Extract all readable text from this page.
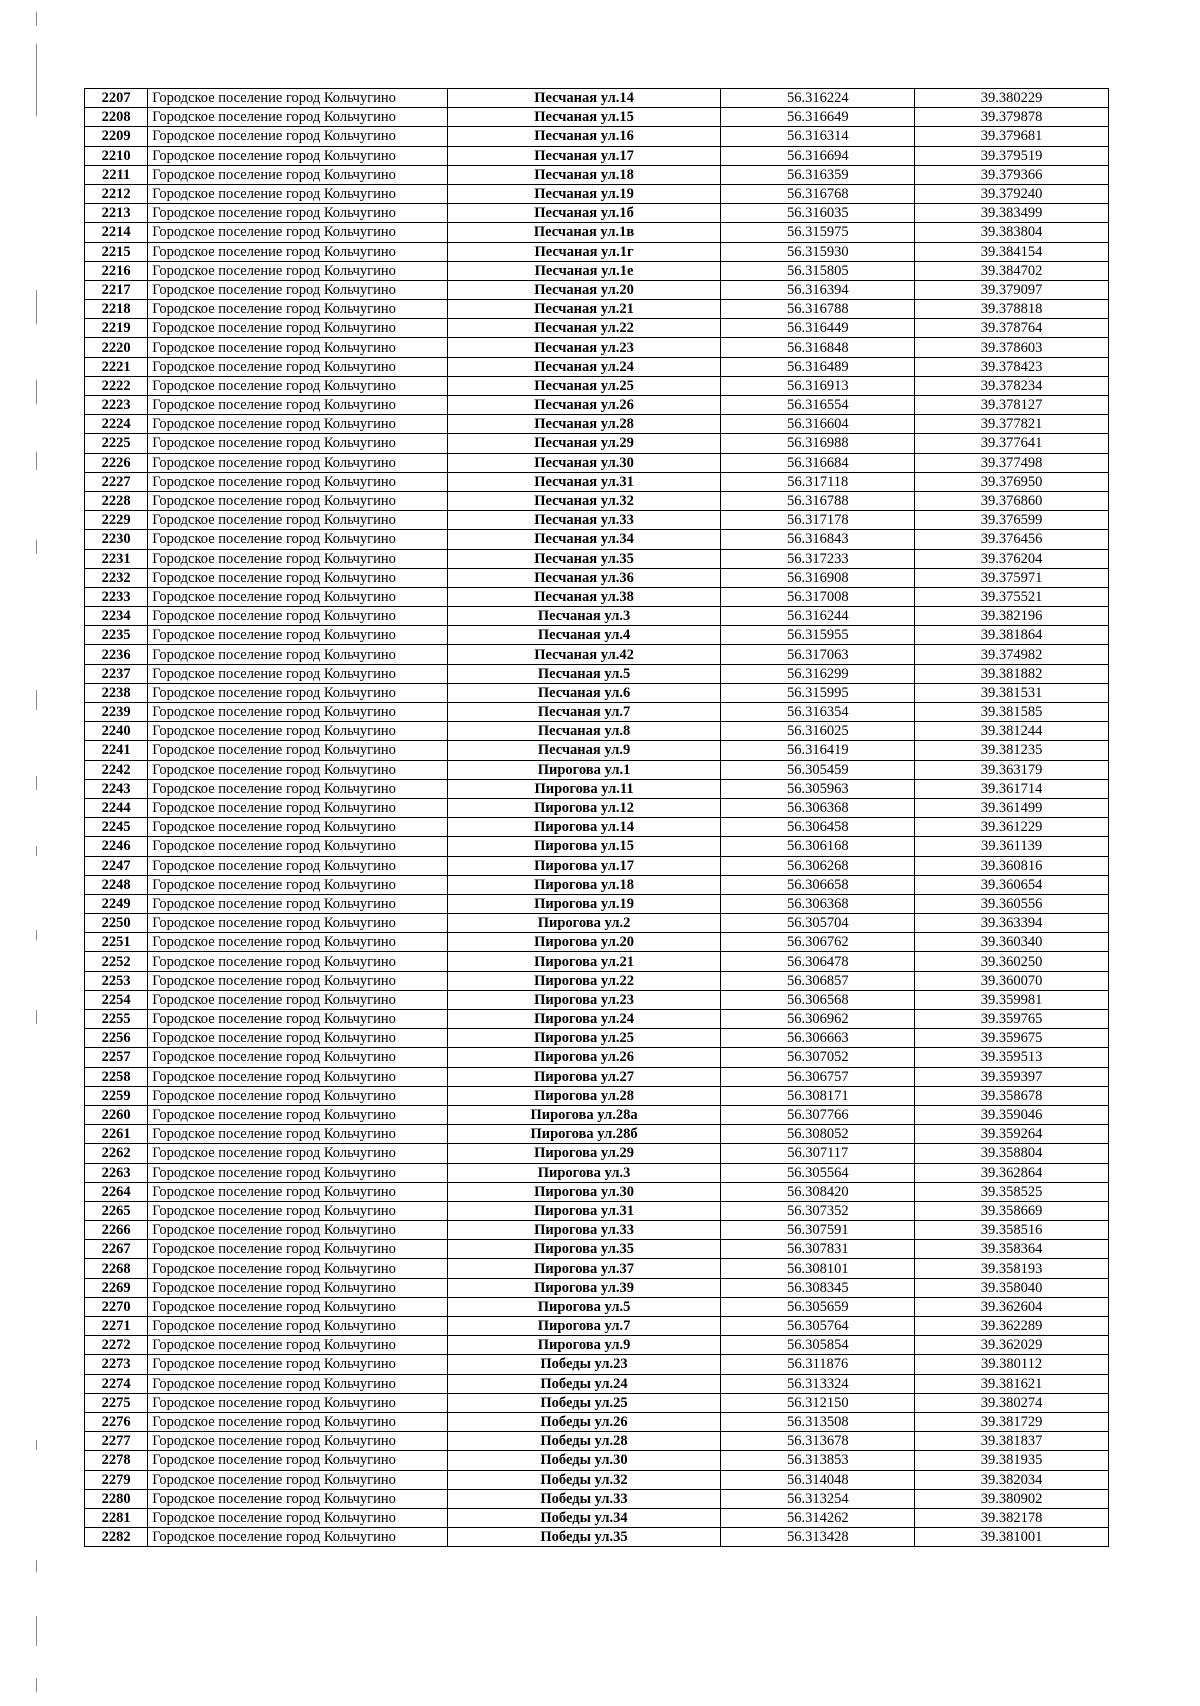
2207	Городское поселение город Кольчугино	Песчаная ул.14	56.316224	39.380229
2208	Городское поселение город Кольчугино	Песчаная ул.15	56.316649	39.379878
2209	Городское поселение город Кольчугино	Песчаная ул.16	56.316314	39.379681
2210	Городское поселение город Кольчугино	Песчаная ул.17	56.316694	39.379519
2211	Городское поселение город Кольчугино	Песчаная ул.18	56.316359	39.379366
2212	Городское поселение город Кольчугино	Песчаная ул.19	56.316768	39.379240
2213	Городское поселение город Кольчугино	Песчаная ул.1б	56.316035	39.383499
2214	Городское поселение город Кольчугино	Песчаная ул.1в	56.315975	39.383804
2215	Городское поселение город Кольчугино	Песчаная ул.1г	56.315930	39.384154
2216	Городское поселение город Кольчугино	Песчаная ул.1е	56.315805	39.384702
2217	Городское поселение город Кольчугино	Песчаная ул.20	56.316394	39.379097
2218	Городское поселение город Кольчугино	Песчаная ул.21	56.316788	39.378818
2219	Городское поселение город Кольчугино	Песчаная ул.22	56.316449	39.378764
2220	Городское поселение город Кольчугино	Песчаная ул.23	56.316848	39.378603
2221	Городское поселение город Кольчугино	Песчаная ул.24	56.316489	39.378423
2222	Городское поселение город Кольчугино	Песчаная ул.25	56.316913	39.378234
2223	Городское поселение город Кольчугино	Песчаная ул.26	56.316554	39.378127
2224	Городское поселение город Кольчугино	Песчаная ул.28	56.316604	39.377821
2225	Городское поселение город Кольчугино	Песчаная ул.29	56.316988	39.377641
2226	Городское поселение город Кольчугино	Песчаная ул.30	56.316684	39.377498
2227	Городское поселение город Кольчугино	Песчаная ул.31	56.317118	39.376950
2228	Городское поселение город Кольчугино	Песчаная ул.32	56.316788	39.376860
2229	Городское поселение город Кольчугино	Песчаная ул.33	56.317178	39.376599
2230	Городское поселение город Кольчугино	Песчаная ул.34	56.316843	39.376456
2231	Городское поселение город Кольчугино	Песчаная ул.35	56.317233	39.376204
2232	Городское поселение город Кольчугино	Песчаная ул.36	56.316908	39.375971
2233	Городское поселение город Кольчугино	Песчаная ул.38	56.317008	39.375521
2234	Городское поселение город Кольчугино	Песчаная ул.3	56.316244	39.382196
2235	Городское поселение город Кольчугино	Песчаная ул.4	56.315955	39.381864
2236	Городское поселение город Кольчугино	Песчаная ул.42	56.317063	39.374982
2237	Городское поселение город Кольчугино	Песчаная ул.5	56.316299	39.381882
2238	Городское поселение город Кольчугино	Песчаная ул.6	56.315995	39.381531
2239	Городское поселение город Кольчугино	Песчаная ул.7	56.316354	39.381585
2240	Городское поселение город Кольчугино	Песчаная ул.8	56.316025	39.381244
2241	Городское поселение город Кольчугино	Песчаная ул.9	56.316419	39.381235
2242	Городское поселение город Кольчугино	Пирогова ул.1	56.305459	39.363179
2243	Городское поселение город Кольчугино	Пирогова ул.11	56.305963	39.361714
2244	Городское поселение город Кольчугино	Пирогова ул.12	56.306368	39.361499
2245	Городское поселение город Кольчугино	Пирогова ул.14	56.306458	39.361229
2246	Городское поселение город Кольчугино	Пирогова ул.15	56.306168	39.361139
2247	Городское поселение город Кольчугино	Пирогова ул.17	56.306268	39.360816
2248	Городское поселение город Кольчугино	Пирогова ул.18	56.306658	39.360654
2249	Городское поселение город Кольчугино	Пирогова ул.19	56.306368	39.360556
2250	Городское поселение город Кольчугино	Пирогова ул.2	56.305704	39.363394
2251	Городское поселение город Кольчугино	Пирогова ул.20	56.306762	39.360340
2252	Городское поселение город Кольчугино	Пирогова ул.21	56.306478	39.360250
2253	Городское поселение город Кольчугино	Пирогова ул.22	56.306857	39.360070
2254	Городское поселение город Кольчугино	Пирогова ул.23	56.306568	39.359981
2255	Городское поселение город Кольчугино	Пирогова ул.24	56.306962	39.359765
2256	Городское поселение город Кольчугино	Пирогова ул.25	56.306663	39.359675
2257	Городское поселение город Кольчугино	Пирогова ул.26	56.307052	39.359513
2258	Городское поселение город Кольчугино	Пирогова ул.27	56.306757	39.359397
2259	Городское поселение город Кольчугино	Пирогова ул.28	56.308171	39.358678
2260	Городское поселение город Кольчугино	Пирогова ул.28а	56.307766	39.359046
2261	Городское поселение город Кольчугино	Пирогова ул.28б	56.308052	39.359264
2262	Городское поселение город Кольчугино	Пирогова ул.29	56.307117	39.358804
2263	Городское поселение город Кольчугино	Пирогова ул.3	56.305564	39.362864
2264	Городское поселение город Кольчугино	Пирогова ул.30	56.308420	39.358525
2265	Городское поселение город Кольчугино	Пирогова ул.31	56.307352	39.358669
2266	Городское поселение город Кольчугино	Пирогова ул.33	56.307591	39.358516
2267	Городское поселение город Кольчугино	Пирогова ул.35	56.307831	39.358364
2268	Городское поселение город Кольчугино	Пирогова ул.37	56.308101	39.358193
2269	Городское поселение город Кольчугино	Пирогова ул.39	56.308345	39.358040
2270	Городское поселение город Кольчугино	Пирогова ул.5	56.305659	39.362604
2271	Городское поселение город Кольчугино	Пирогова ул.7	56.305764	39.362289
2272	Городское поселение город Кольчугино	Пирогова ул.9	56.305854	39.362029
2273	Городское поселение город Кольчугино	Победы ул.23	56.311876	39.380112
2274	Городское поселение город Кольчугино	Победы ул.24	56.313324	39.381621
2275	Городское поселение город Кольчугино	Победы ул.25	56.312150	39.380274
2276	Городское поселение город Кольчугино	Победы ул.26	56.313508	39.381729
2277	Городское поселение город Кольчугино	Победы ул.28	56.313678	39.381837
2278	Городское поселение город Кольчугино	Победы ул.30	56.313853	39.381935
2279	Городское поселение город Кольчугино	Победы ул.32	56.314048	39.382034
2280	Городское поселение город Кольчугино	Победы ул.33	56.313254	39.380902
2281	Городское поселение город Кольчугино	Победы ул.34	56.314262	39.382178
2282	Городское поселение город Кольчугино	Победы ул.35	56.313428	39.381001
